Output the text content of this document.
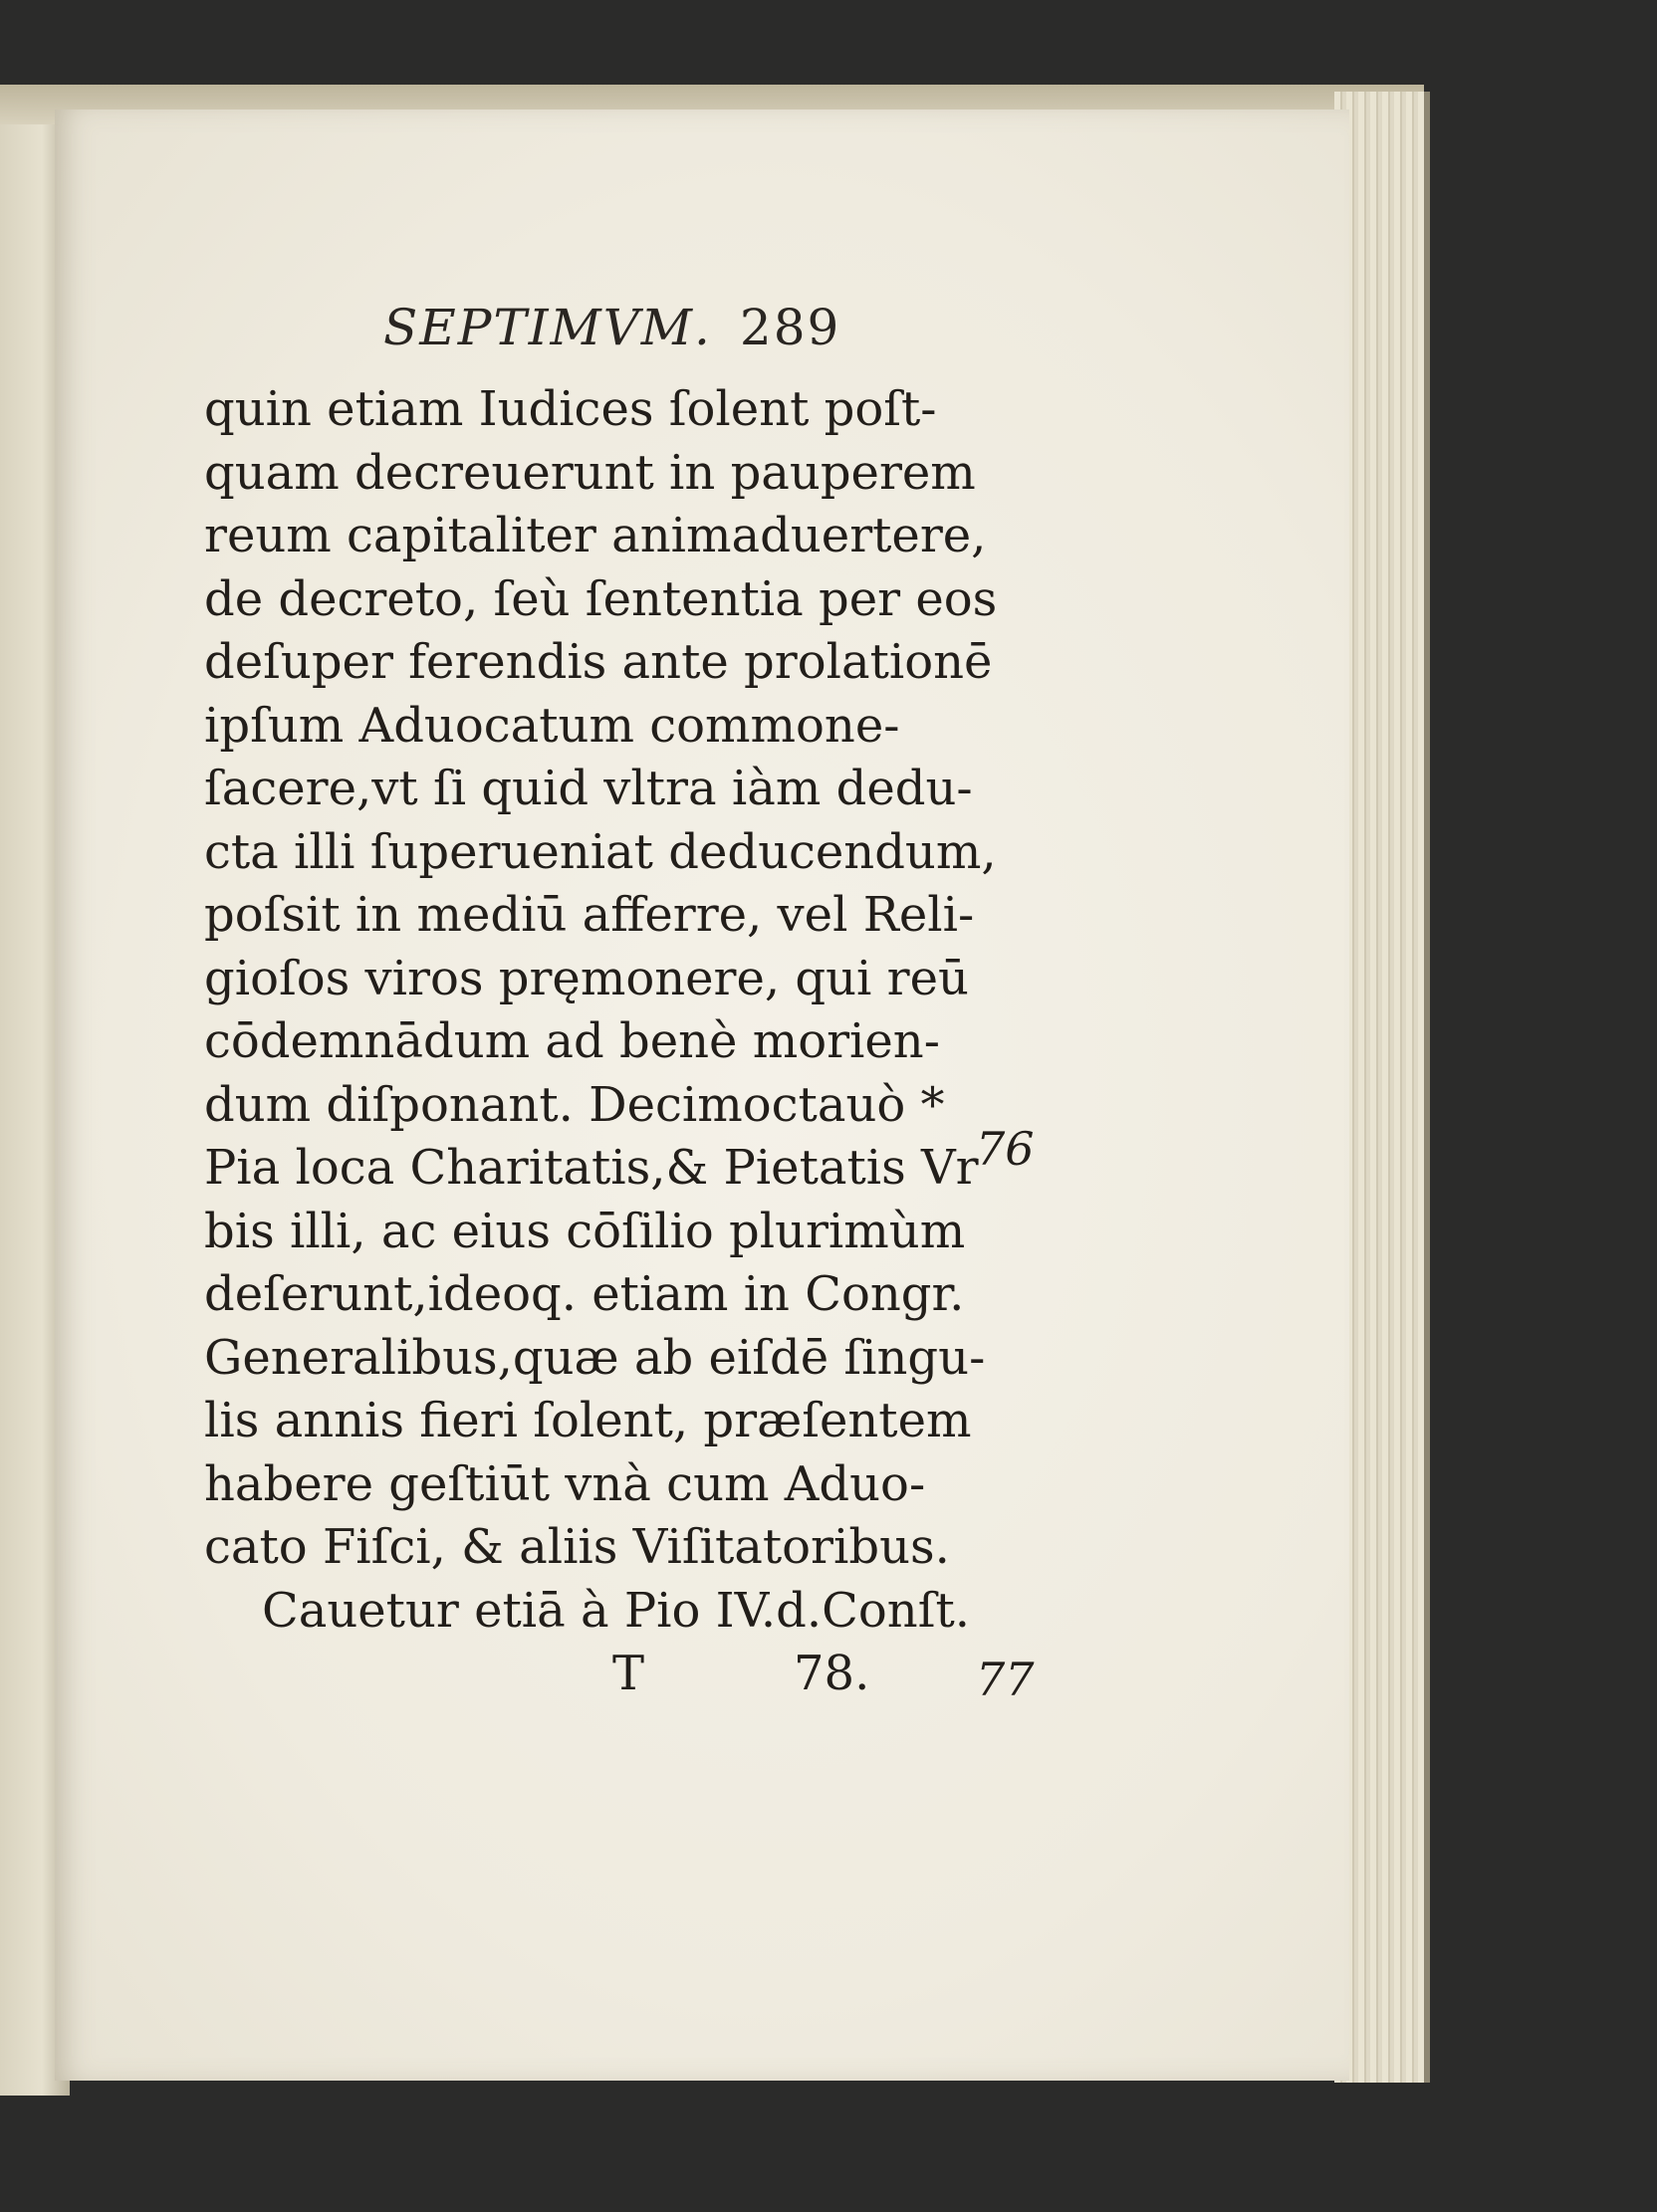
SEPTIMVM. 289
quin etiam Iudices ſolent poſt-
quam decreuerunt in pauperem
reum capitaliter animaduertere,
de decreto, ſeù ſententia per eos
deſuper ferendis ante prolationē
ipſum Aduocatum commone-
ſacere,vt ſi quid vltra iàm dedu-
cta illi ſuperueniat deducendum,
poſsit in mediū afferre, vel Reli-
gioſos viros pręmonere, qui reū
cōdemnādum ad benè morien-
dum diſponant. Decimoctauò *
Pia loca Charitatis,& Pietatis Vr
bis illi, ac eius cōſilio plurimùm
deſerunt,ideoq. etiam in Congr.
Generalibus,quæ ab eiſdē ſingu-
lis annis fieri ſolent, præſentem
habere geſtiūt vnà cum Aduo-
cato Fiſci, & aliis Viſitatoribus.
Cauetur etiā à Pio IV.d.Conſt.
T	78.
76
77
